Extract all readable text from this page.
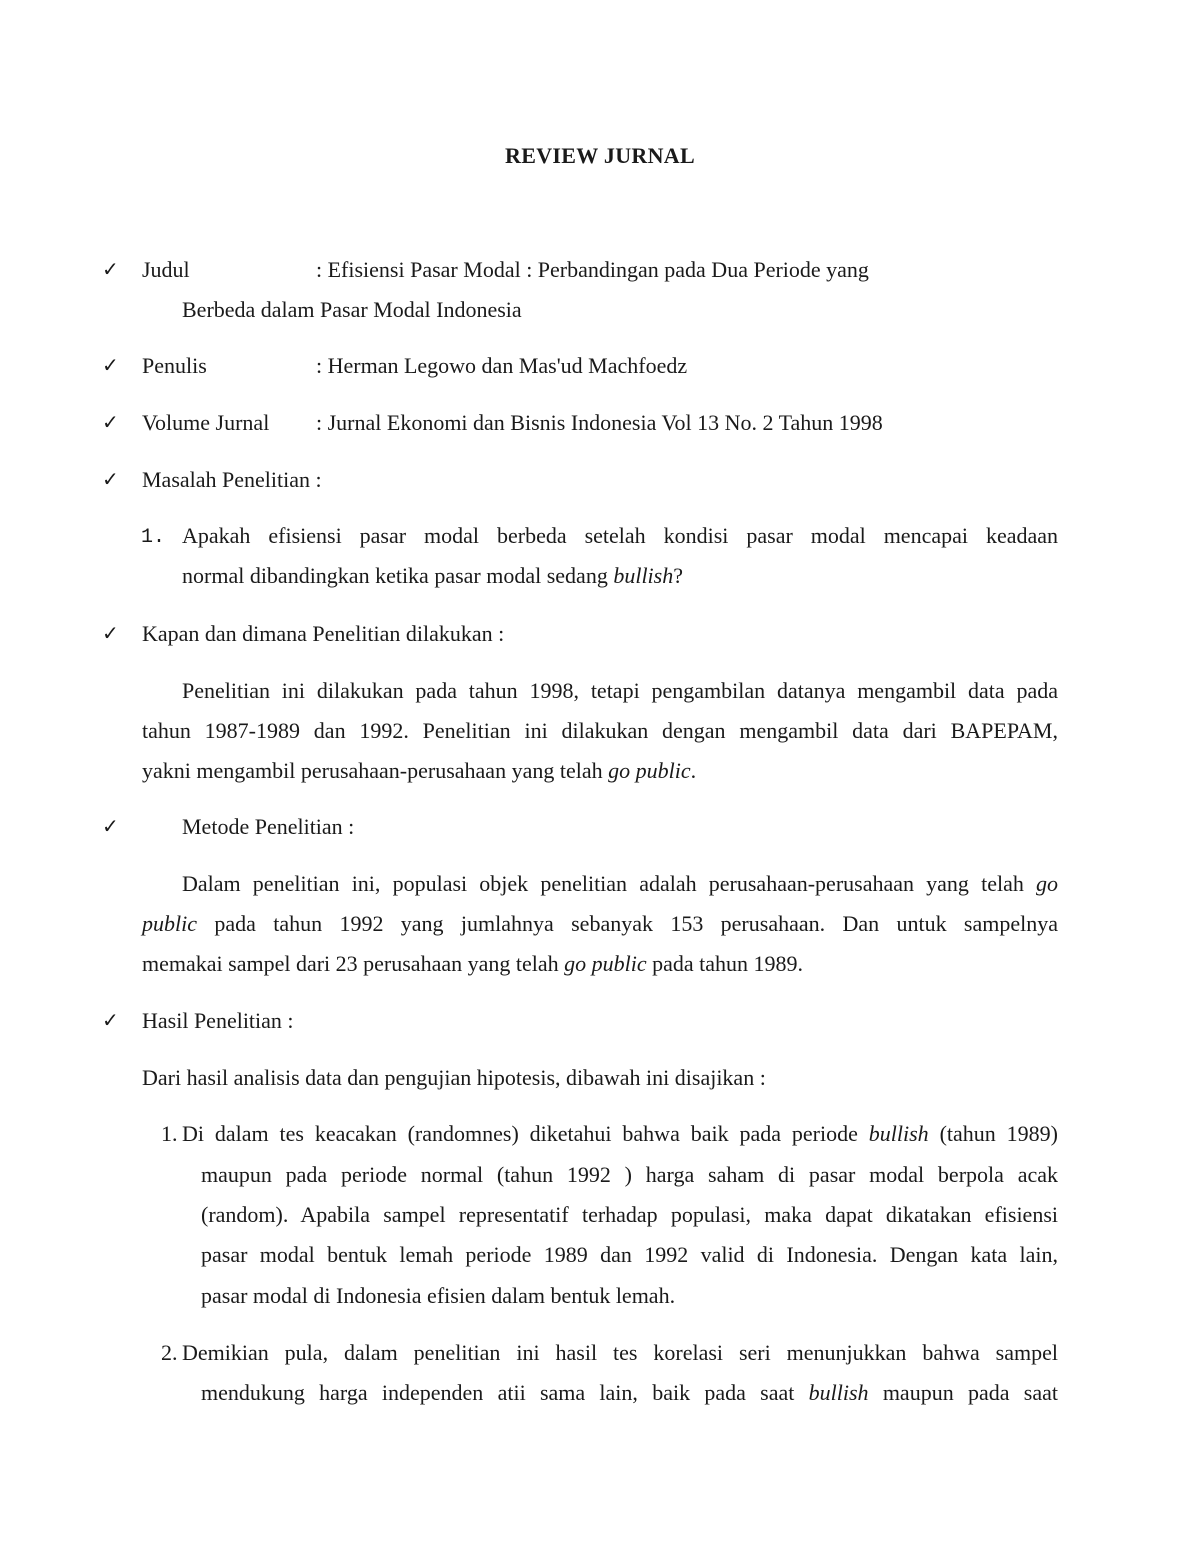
REVIEW JURNAL
✓ Judul	: Efisiensi Pasar Modal : Perbandingan pada Dua Periode yang
Berbeda dalam Pasar Modal Indonesia
✓ Penulis	: Herman Legowo dan Mas'ud Machfoedz
✓ Volume Jurnal : Jurnal Ekonomi dan Bisnis Indonesia Vol 13 No. 2 Tahun 1998
✓ Masalah Penelitian :
1. Apakah efisiensi pasar modal berbeda setelah kondisi pasar modal mencapai keadaan
normal dibandingkan ketika pasar modal sedang bullish?
✓ Kapan dan dimana Penelitian dilakukan :
Penelitian ini dilakukan pada tahun 1998, tetapi pengambilan datanya mengambil data pada
tahun 1987-1989 dan 1992. Penelitian ini dilakukan dengan mengambil data dari BAPEPAM,
yakni mengambil perusahaan-perusahaan yang telah go public.
✓	Metode Penelitian :
Dalam penelitian ini, populasi objek penelitian adalah perusahaan-perusahaan yang telah go
public pada tahun 1992 yang jumlahnya sebanyak 153 perusahaan. Dan untuk sampelnya
memakai sampel dari 23 perusahaan yang telah go public pada tahun 1989.
✓ Hasil Penelitian :
Dari hasil analisis data dan pengujian hipotesis, dibawah ini disajikan :
1. Di dalam tes keacakan (randomnes) diketahui bahwa baik pada periode bullish (tahun 1989)
maupun pada periode normal (tahun 1992 ) harga saham di pasar modal berpola acak
(random). Apabila sampel representatif terhadap populasi, maka dapat dikatakan efisiensi
pasar modal bentuk lemah periode 1989 dan 1992 valid di Indonesia. Dengan kata lain,
pasar modal di Indonesia efisien dalam bentuk lemah.
2. Demikian pula, dalam penelitian ini hasil tes korelasi seri menunjukkan bahwa sampel
mendukung harga independen atii sama lain, baik pada saat bullish maupun pada saat
